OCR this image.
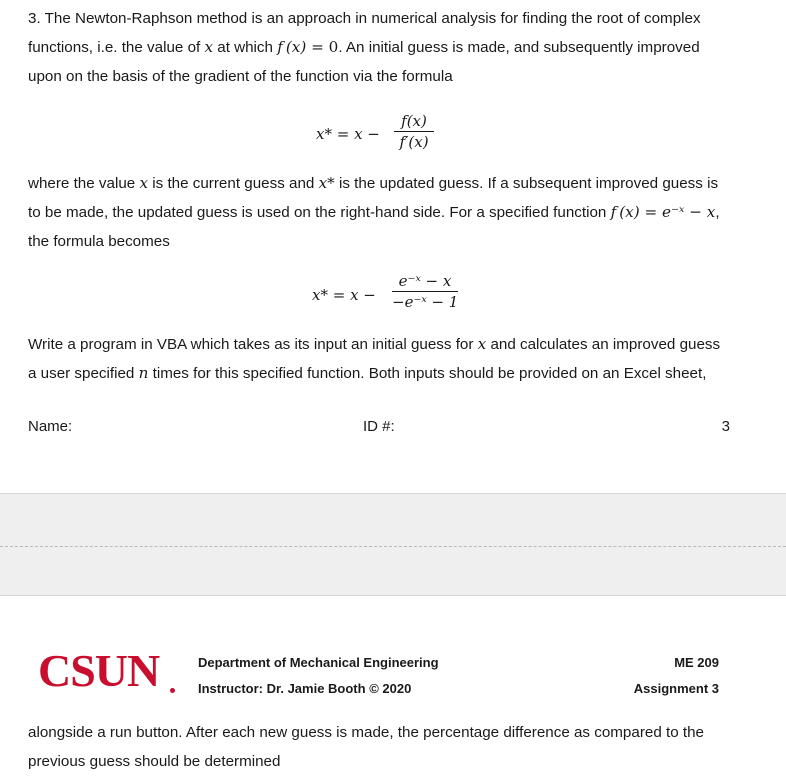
3. The Newton-Raphson method is an approach in numerical analysis for finding the root of complex
functions, i.e. the value of x at which f (x) = 0. An initial guess is made, and subsequently improved
upon on the basis of the gradient of the function via the formula
x* = x −
f(x)
f′(x)
where the value x is the current guess and x* is the updated guess. If a subsequent improved guess is
to be made, the updated guess is used on the right-hand side. For a specified function f (x) = e⁻ˣ − x,
the formula becomes
x* = x −
e⁻ˣ − x
−e⁻ˣ − 1
Write a program in VBA which takes as its input an initial guess for x and calculates an improved guess
a user specified n times for this specified function. Both inputs should be provided on an Excel sheet,
Name:	ID #:	3
CSUN	Department of Mechanical Engineering
Instructor: Dr. Jamie Booth © 2020
ME 209
Assignment 3
alongside a run button. After each new guess is made, the percentage difference as compared to the
previous guess should be determined
